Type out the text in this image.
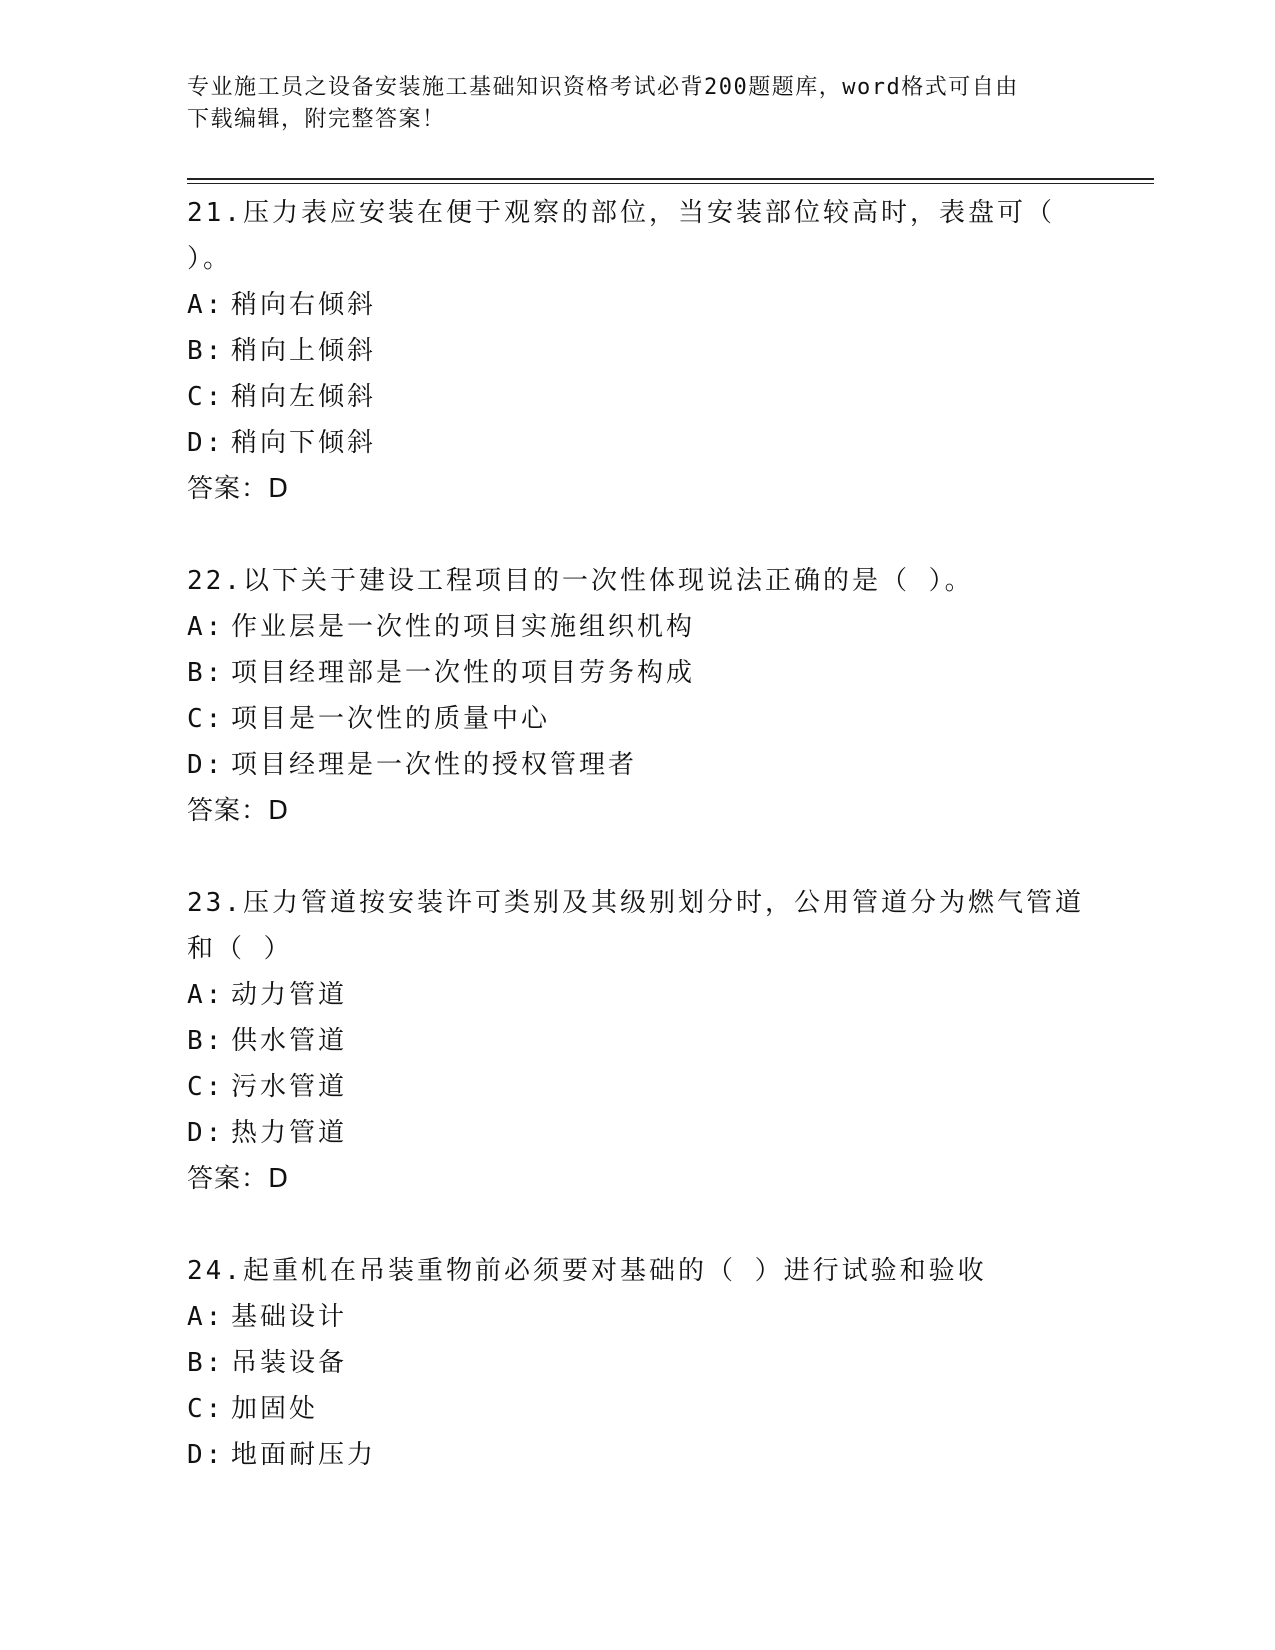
专业施工员之设备安装施工基础知识资格考试必背200题题库，word格式可自由
下载编辑，附完整答案！
21.压力表应安装在便于观察的部位，当安装部位较高时，表盘可（
）。
A: 稍向右倾斜
B: 稍向上倾斜
C: 稍向左倾斜
D: 稍向下倾斜
答案：D
22.以下关于建设工程项目的一次性体现说法正确的是（ ）。
A: 作业层是一次性的项目实施组织机构
B: 项目经理部是一次性的项目劳务构成
C: 项目是一次性的质量中心
D: 项目经理是一次性的授权管理者
答案：D
23.压力管道按安装许可类别及其级别划分时，公用管道分为燃气管道
和（ ）
A: 动力管道
B: 供水管道
C: 污水管道
D: 热力管道
答案：D
24.起重机在吊装重物前必须要对基础的（ ）进行试验和验收
A: 基础设计
B: 吊装设备
C: 加固处
D: 地面耐压力
